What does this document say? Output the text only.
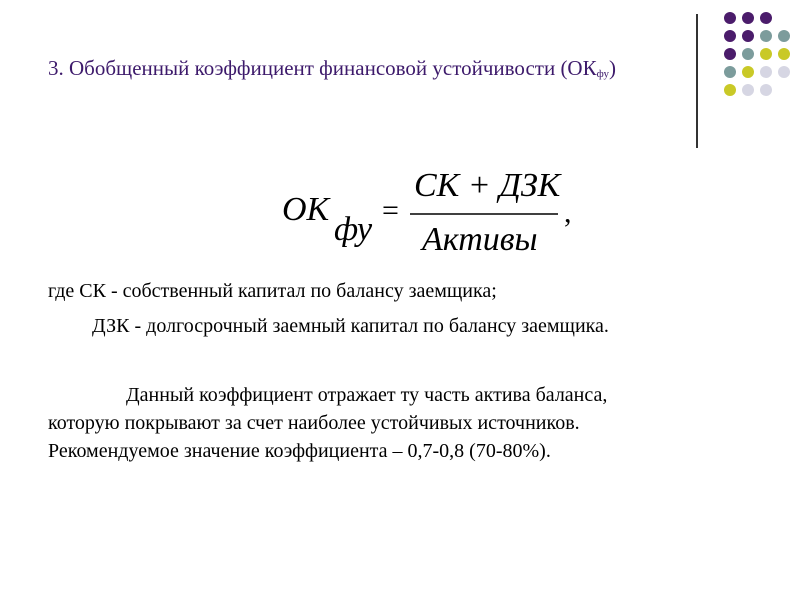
3. Обобщенный коэффициент финансовой устойчивости (ОКфу)
ОК
фу
=
СК + ДЗК
Активы
,
где СК - собственный капитал по балансу заемщика;
ДЗК - долгосрочный заемный капитал по балансу заемщика.
Данный коэффициент отражает ту часть актива баланса,
которую покрывают за счет наиболее устойчивых источников.
Рекомендуемое значение коэффициента – 0,7-0,8 (70-80%).
